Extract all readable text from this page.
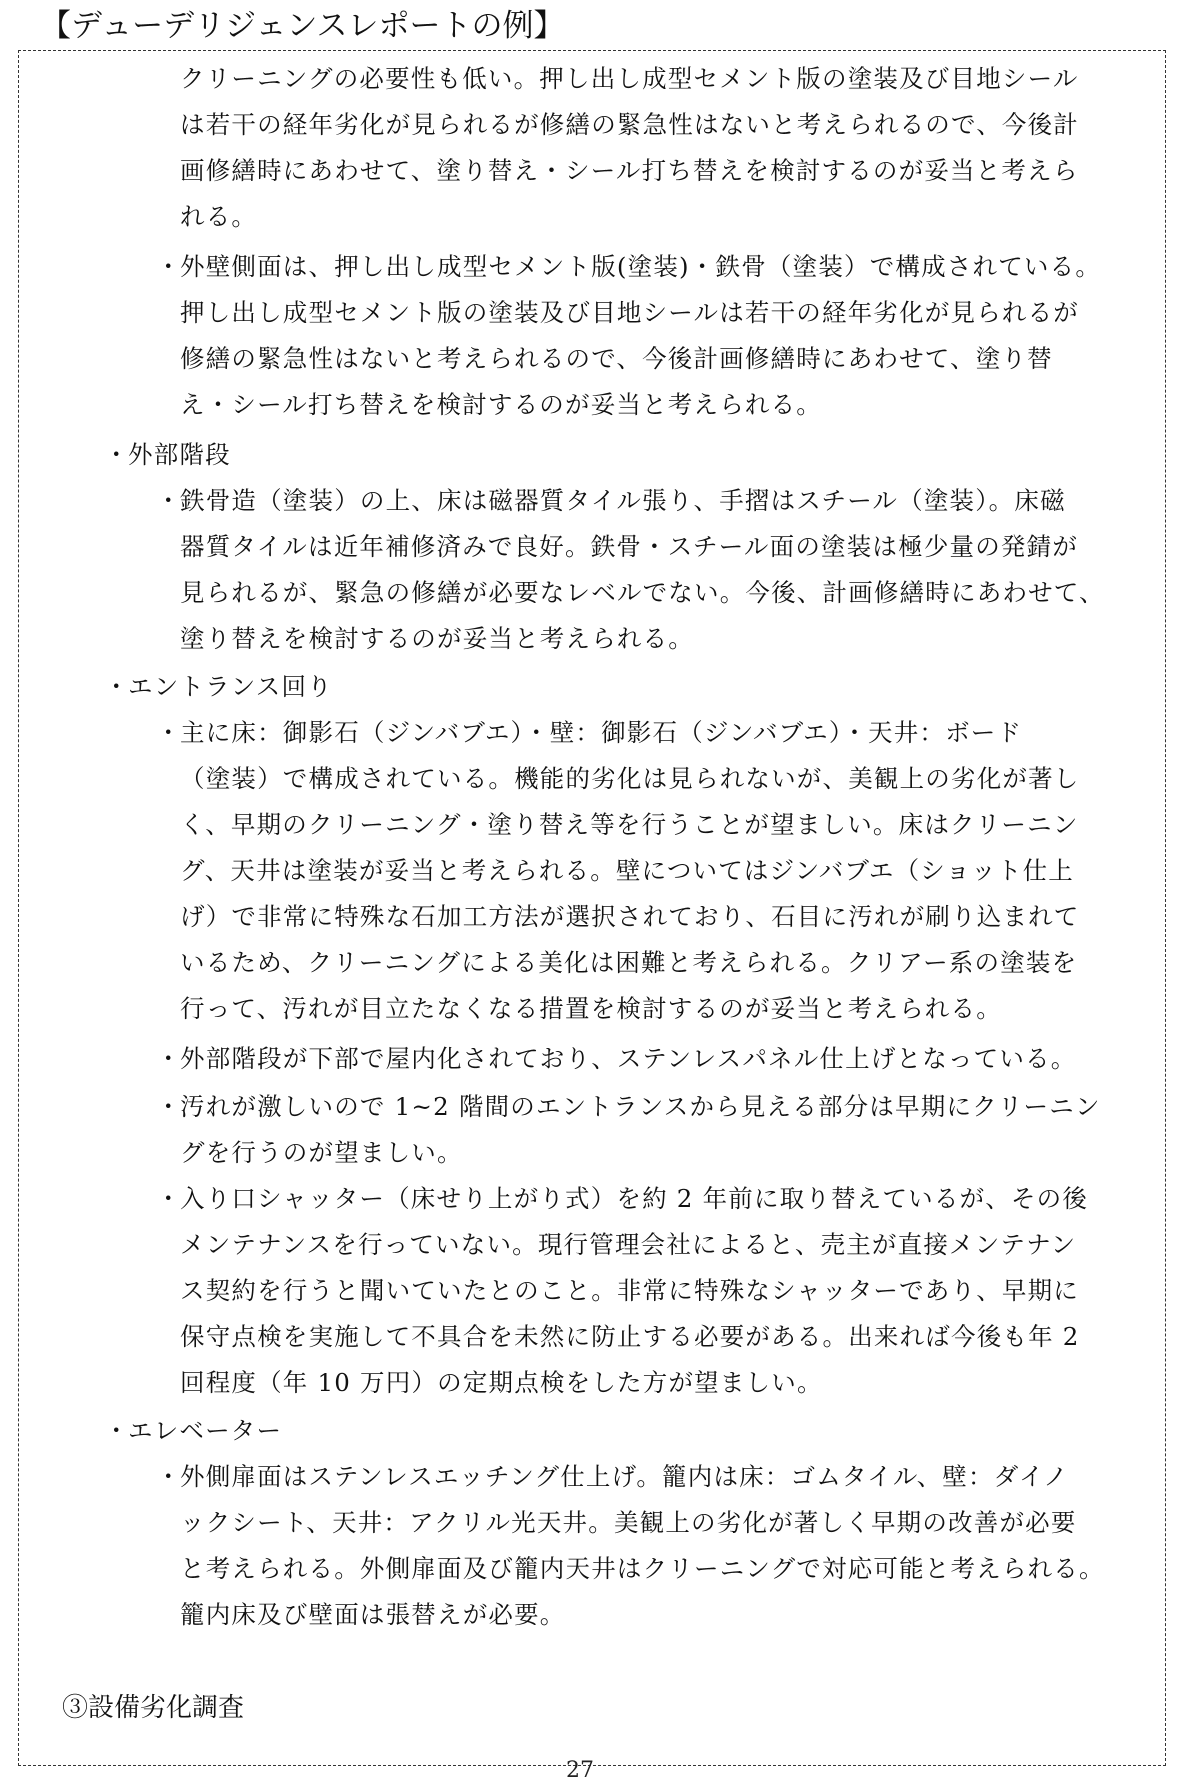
【デューデリジェンスレポートの例】
クリーニングの必要性も低い。押し出し成型セメント版の塗装及び目地シール
は若干の経年劣化が見られるが修繕の緊急性はないと考えられるので、今後計
画修繕時にあわせて、塗り替え・シール打ち替えを検討するのが妥当と考えら
れる。
・ 外壁側面は、押し出し成型セメント版(塗装)・鉄骨（塗装）で構成されている。
押し出し成型セメント版の塗装及び目地シールは若干の経年劣化が見られるが
修繕の緊急性はないと考えられるので、今後計画修繕時にあわせて、塗り替
え・シール打ち替えを検討するのが妥当と考えられる。
・ 外部階段
・ 鉄骨造（塗装）の上、床は磁器質タイル張り、手摺はスチール（塗装）。床磁
器質タイルは近年補修済みで良好。鉄骨・スチール面の塗装は極少量の発錆が
見られるが、緊急の修繕が必要なレベルでない。今後、計画修繕時にあわせて、
塗り替えを検討するのが妥当と考えられる。
・ エントランス回り
・ 主に床：御影石（ジンバブエ）・壁：御影石（ジンバブエ）・天井：ボード
（塗装）で構成されている。機能的劣化は見られないが、美観上の劣化が著し
く、早期のクリーニング・塗り替え等を行うことが望ましい。床はクリーニン
グ、天井は塗装が妥当と考えられる。壁についてはジンバブエ（ショット仕上
げ）で非常に特殊な石加工方法が選択されており、石目に汚れが刷り込まれて
いるため、クリーニングによる美化は困難と考えられる。クリアー系の塗装を
行って、汚れが目立たなくなる措置を検討するのが妥当と考えられる。
・ 外部階段が下部で屋内化されており、ステンレスパネル仕上げとなっている。
・ 汚れが激しいので 1~2 階間のエントランスから見える部分は早期にクリーニン
グを行うのが望ましい。
・ 入り口シャッター（床せり上がり式）を約 2 年前に取り替えているが、その後
メンテナンスを行っていない。現行管理会社によると、売主が直接メンテナン
ス契約を行うと聞いていたとのこと。非常に特殊なシャッターであり、早期に
保守点検を実施して不具合を未然に防止する必要がある。出来れば今後も年 2
回程度（年 10 万円）の定期点検をした方が望ましい。
・ エレベーター
・ 外側扉面はステンレスエッチング仕上げ。籠内は床：ゴムタイル、壁：ダイノ
ックシート、天井：アクリル光天井。美観上の劣化が著しく早期の改善が必要
と考えられる。外側扉面及び籠内天井はクリーニングで対応可能と考えられる。
籠内床及び壁面は張替えが必要。
③設備劣化調査
27
